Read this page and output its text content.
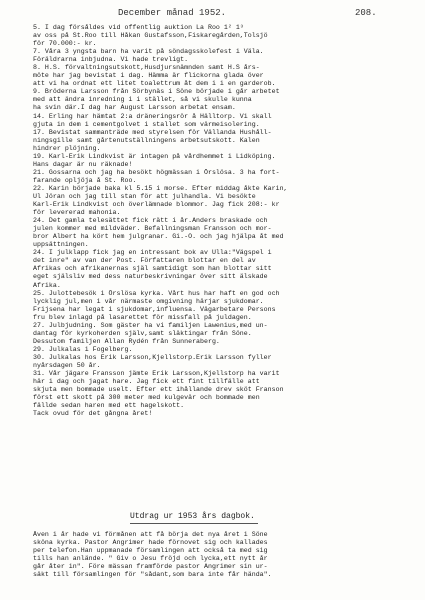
December månad 1952.	208.
5. I dag försåldes vid offentlig auktion La Roo 1² 1³
av oss på St.Roo till Håkan Gustafsson,Fiskaregården,Tolsjö
för 70.000:- kr.
7. Våra 3 yngsta barn ha varit på söndagsskolefest i Väla.
Föräldrarna inbjudna. Vi hade trevligt.
8. H.S. förvaltningsutskott,Husdjursnämnden samt H.S års-
möte har jag bevistat i dag. Hämma är flickorna glada över
att vi ha ordnat ett litet toalettrum åt dem i i en garderob.
9. Bröderna Larsson från Sörbynäs i Söne började i går arbetet
med att ändra inredning i i stället, så vi skulle kunna
ha svin där.I dag har August Larsson arbetat ensam.
14. Erling har hämtat 2:a dräneringsrör å Hälltorp. Vi skall
gjuta in dem i cementgolvet i stallet som värmeisolering.
17. Bevistat sammanträde med styrelsen för Vällanda Hushåll-
ningsgille samt gårtenutställningens arbetsutskott. Kalen
hindrer plöjning.
19. Karl-Erik Lindkvist är intagen på vårdhemmet i Lidköping.
Hans dagar är nu räknade!
21. Gossarna och jag ha besökt högmässan i Örslösa. 3 ha fort-
farande opljöja å St. Roo.
22. Karin började baka kl 5.15 i morse. Efter middag åkte Karin,
Ul Jöran och jag till stan för att julhandla. Vi besökte
Karl-Erik Lindkvist och överlämnade blommor. Jag fick 208:- kr
för levererad mahonia.
24. Det gamla telesättet fick rätt i år.Anders braskade och
julen kommer med mildväder. Befallningsman Fransson och mor-
bror Albert ha kört hem julgranar. Gi.-O. och jag hjälpa åt med
uppsättningen.
24. I julklapp fick jag en intressant bok av Ulla:"Vägspel i
det inre" av van der Post. Författaren blottar en del av
Afrikas och afrikanernas själ samtidigt som han blottar sitt
eget själsliv med dess naturbeskrivningar över sitt älskade
Afrika.
25. Julottebesök i Örslösa kyrka. Vårt hus har haft en god och
lycklig jul,men i vår närmaste omgivning härjar sjukdomar.
Frijsena har legat i sjukdomar,influensa. Vägarbetare Persons
fru blev inlagd på lasarettet för missfall på juldagen.
27. Julbjudning. Som gäster ha vi familjen Lawenius,med un-
dantag för kyrkoherden själv,samt släktingar från Söne.
Dessutom familjen Allan Rydén från Sunneraberg.
29. Julkalas i Fogelberg.
30. Julkalas hos Erik Larsson,Kjellstorp.Erik Larsson fyller
nyårsdagen 50 år.
31. Vår jägare Fransson jämte Erik Larsson,Kjellstorp ha varit
här i dag och jagat hare. Jag fick ett fint tillfälle att
skjuta men bommade uselt. Efter ett ihållande drev sköt Franson
först ett skott på 300 meter med kulgevär och bommade men
fällde sedan haren med ett hagelskott.
Tack ovud för det gångna året!
Utdrag ur 1953 års dagbok.
Även i år hade vi förmånen att få börja det nya året i Söne
sköna kyrka. Pastor Angrimer hade förnovet sig och kallades
per telefon.Han uppmanade församlingen att också ta med sig
tills han anlände. " Giv o Jesu fröjd och lycka,ett nytt år
går åter in". Före mässan framförde pastor Angrimer sin ur-
säkt till församlingen för "sådant,som bara inte får hända".
